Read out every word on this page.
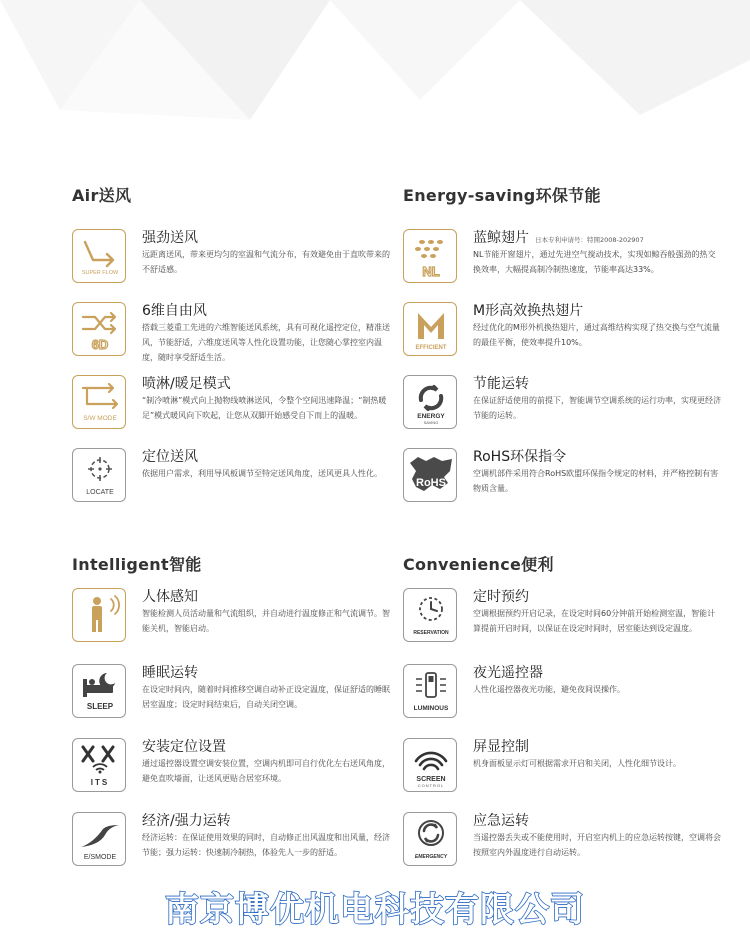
Air送风
SUPER FLOW
强劲送风
远距离送风，带来更均匀的室温和气流分布，有效避免由于直吹带来的不舒适感。
6D
6维自由风
搭载三菱重工先进的六维智能送风系统，具有可视化遥控定位，精准送风，节能舒适，六维度送风等人性化设置功能，让您随心掌控室内温度，随时享受舒适生活。
S/W MODE
喷淋/暖足模式
“制冷喷淋”模式向上抛物线喷淋送风，令整个空间迅速降温；“制热暖足”模式暖风向下吹起，让您从双脚开始感受自下而上的温暖。
LOCATE
定位送风
依据用户需求，利用导风板调节至特定送风角度，送风更具人性化。
Energy-saving环保节能
NL
蓝鲸翅片 日本专利申请号：特開2008-202907
NL节能开窗翅片，通过先进空气搅动技术，实现如鲸吞般强劲的热交换效率，大幅提高制冷制热速度，节能率高达33%。
EFFICIENT
M形高效换热翅片
经过优化的M形外机换热翅片，通过高维结构实现了热交换与空气流量的最佳平衡，使效率提升10%。
ENERGY
SAVING
节能运转
在保证舒适使用的前提下，智能调节空调系统的运行功率，实现更经济节能的运转。
RoHS
RoHS环保指令
空调机部件采用符合RoHS欧盟环保指令规定的材料，并严格控制有害物质含量。
Intelligent智能
人体感知
智能检测人员活动量和气流组织，并自动进行温度修正和气流调节。智能关机，智能启动。
SLEEP
睡眠运转
在设定时间内，随着时间推移空调自动补正设定温度，保证舒适的睡眠居室温度；设定时间结束后，自动关闭空调。
ITS
安装定位设置
通过遥控器设置空调安装位置，空调内机即可自行优化左右送风角度，避免直吹墙面，让送风更贴合居室环境。
E/SMODE
经济/强力运转
经济运转：在保证使用效果的同时，自动修正出风温度和出风量，经济节能；强力运转：快速制冷制热，体验先人一步的舒适。
Convenience便利
RESERVATION
定时预约
空调根据预约开启记录，在设定时间60分钟前开始检测室温，智能计算提前开启时间，以保证在设定时间时，居室能达到设定温度。
LUMINOUS
夜光遥控器
人性化遥控器夜光功能，避免夜间误操作。
SCREEN
CONTROL
屏显控制
机身面板显示灯可根据需求开启和关闭，人性化细节设计。
EMERGENCY
应急运转
当遥控器丢失或不能使用时，开启室内机上的应急运转按键，空调将会按照室内外温度进行自动运转。
南京博优机电科技有限公司
